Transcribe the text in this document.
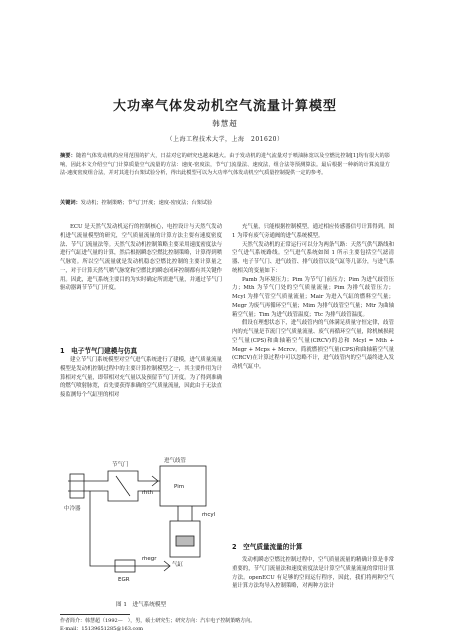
大功率气体发动机空气流量计算模型
韩慧超
（上海工程技术大学，上海　201620）
摘要：随着气体发动机的应用范围的扩大，日益对它的研究也越来越大。由于发动机的进气流量对于喷油脉宽以及空燃比控制[1]均有很大的影响，因此本文介绍空气门计算质量空气流量的方法：速度-密度法，节气门流量法、速度法，组合法等预测算法。最后根据一种新的计算流量方法-速度密度组合法，并对其进行台架试验分析，得出此模型可以为大功率气体发动机空气质量控制提供一定的参考。
关键词：发动机；控制策略；节气门开度；速度-密度法；台架试验

ECU 是天然气发动机运行的控制核心，电控设计与天然气发动机进气流量模型的研究，空气质量流量的计算方法主要有速度密度法、节气门流量法等。天然气发动机控制策略主要采用速度密度法与进行气缸进气量的计算，然后根据瞬态空燃比控制策略，计算得到喷气脉宽。所以空气流量就是发动机稳态空燃比控制的主要计算量之一，对于计算天然气喷气脉宽和空燃比的瞬态闭环控制都有其关键作用。因此，进气系统主要目的为实时确定所需进气量，并通过节气门驱动器调节节气门开度。

1　电子节气门建模与仿真

建立节气门系统模型对空气进气系统进行了建模，进气质量流量模型是发动机控制过程中的主要计算控制模型之一，其主要作用为计算相对充气量，即带相对充气量以及预留节气门开度。为了得到准确的燃气喷射脉宽，首先要获得准确的空气质量流量，因此由于无法直接监测每个气缸里的相对

节气门
进气歧管
气缸
EGR
中冷器
ṁth
ṁegr
ṁcyl
Pim
图 1　进气系统模型

充气量，只能根据控制模型，通过相应传感器信号计算得到。图 1 为带有废气旁通阀的进气系统模型。

天然气发动机的正常运行可以分为两条气路：天然气供气路线和空气进气系统路线。空气进气系统如图 1 所示主要包括空气滤清器、电子节气门、进气歧管、排气歧管以及气缸等几部分，与进气系统相关的变量如下：

Pamb 为环境压力；Pim 为节气门前压力；Pim 为进气歧管压力；Mth 为节气门处的空气质量流量；Pim 为排气歧管压力；Mcyl 为排气管空气质量流量；Mair 为进入气缸的燃料空气量；Megr 为废气再循环空气量；Mim 为排气歧管空气量；Mtr 为曲轴箱空气量；Tim 为进气歧管温度；Ttc 为排气歧管温度。

假设在理想状态下，进气歧管内的气体满足质量守恒定律，歧管内的充气量是节流门空气质量流量、废气再循环空气量，除机械损耗空气量(CPS)和曲轴箱空气量(CRCV)的总和 Mcyl = Mth + Megr + Mcps + Mcrcv。简就燃损空气量(CPS)和曲轴箱空气量(CRCV)在计算过程中可以忽略不计，进气歧管内的空气最终进入发动机气缸中。

2　空气质量流量的计算

发动机瞬态空燃比控制过程中，空气质量流量的精确计算是非常重要的，节气门流量法和速度密度法是计算空气质量流量的常用计算方法。openECU 有足够的空间运行程序，因此，我们将两种空气量计算方法均导入控制策略，对两种方法计

作者简介：韩慧超（1992—　），男，硕士研究生；研究方向：汽车电子控制策略方向。
E-mail：15139651285@163.com
